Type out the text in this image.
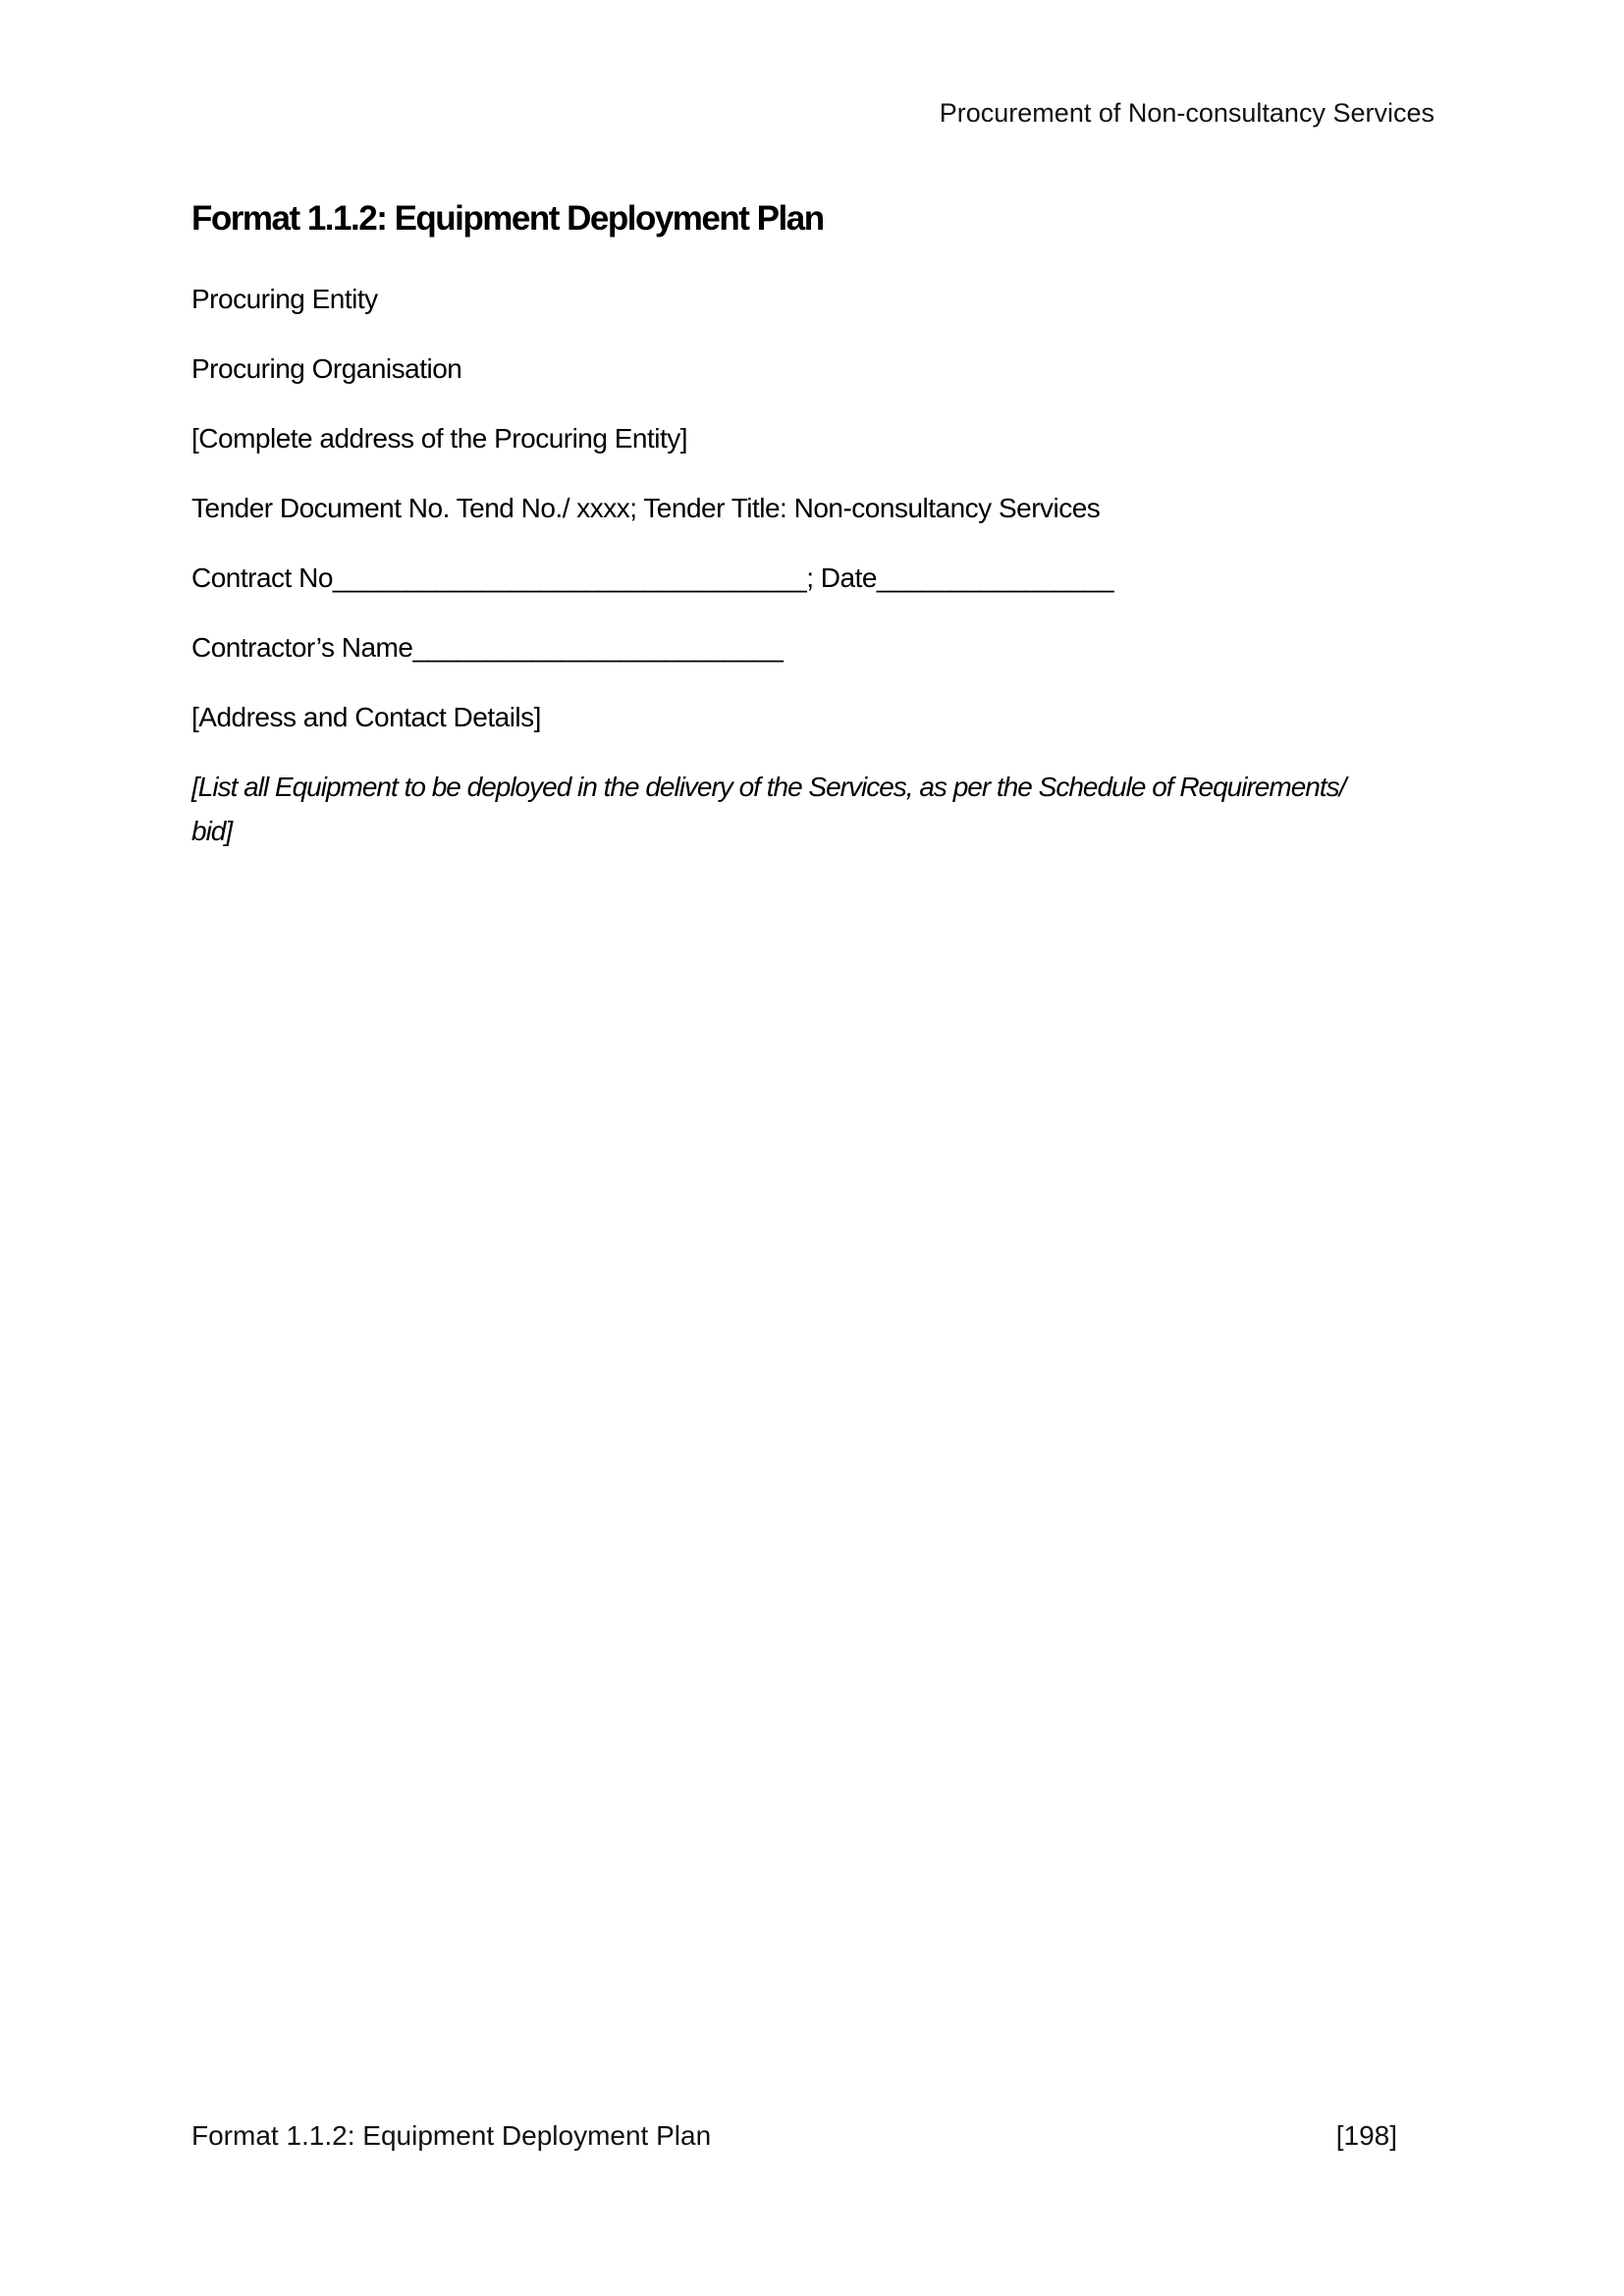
Procurement of Non-consultancy Services
Format 1.1.2: Equipment Deployment Plan

Procuring Entity

Procuring Organisation

[Complete address of the Procuring Entity]

Tender Document No. Tend No./ xxxx; Tender Title: Non-consultancy Services

Contract No________________________________; Date________________

Contractor’s Name_________________________

[Address and Contact Details]

[List all Equipment to be deployed in the delivery of the Services, as per the Schedule of Requirements/
bid]

Format 1.1.2: Equipment Deployment Plan	[198]
